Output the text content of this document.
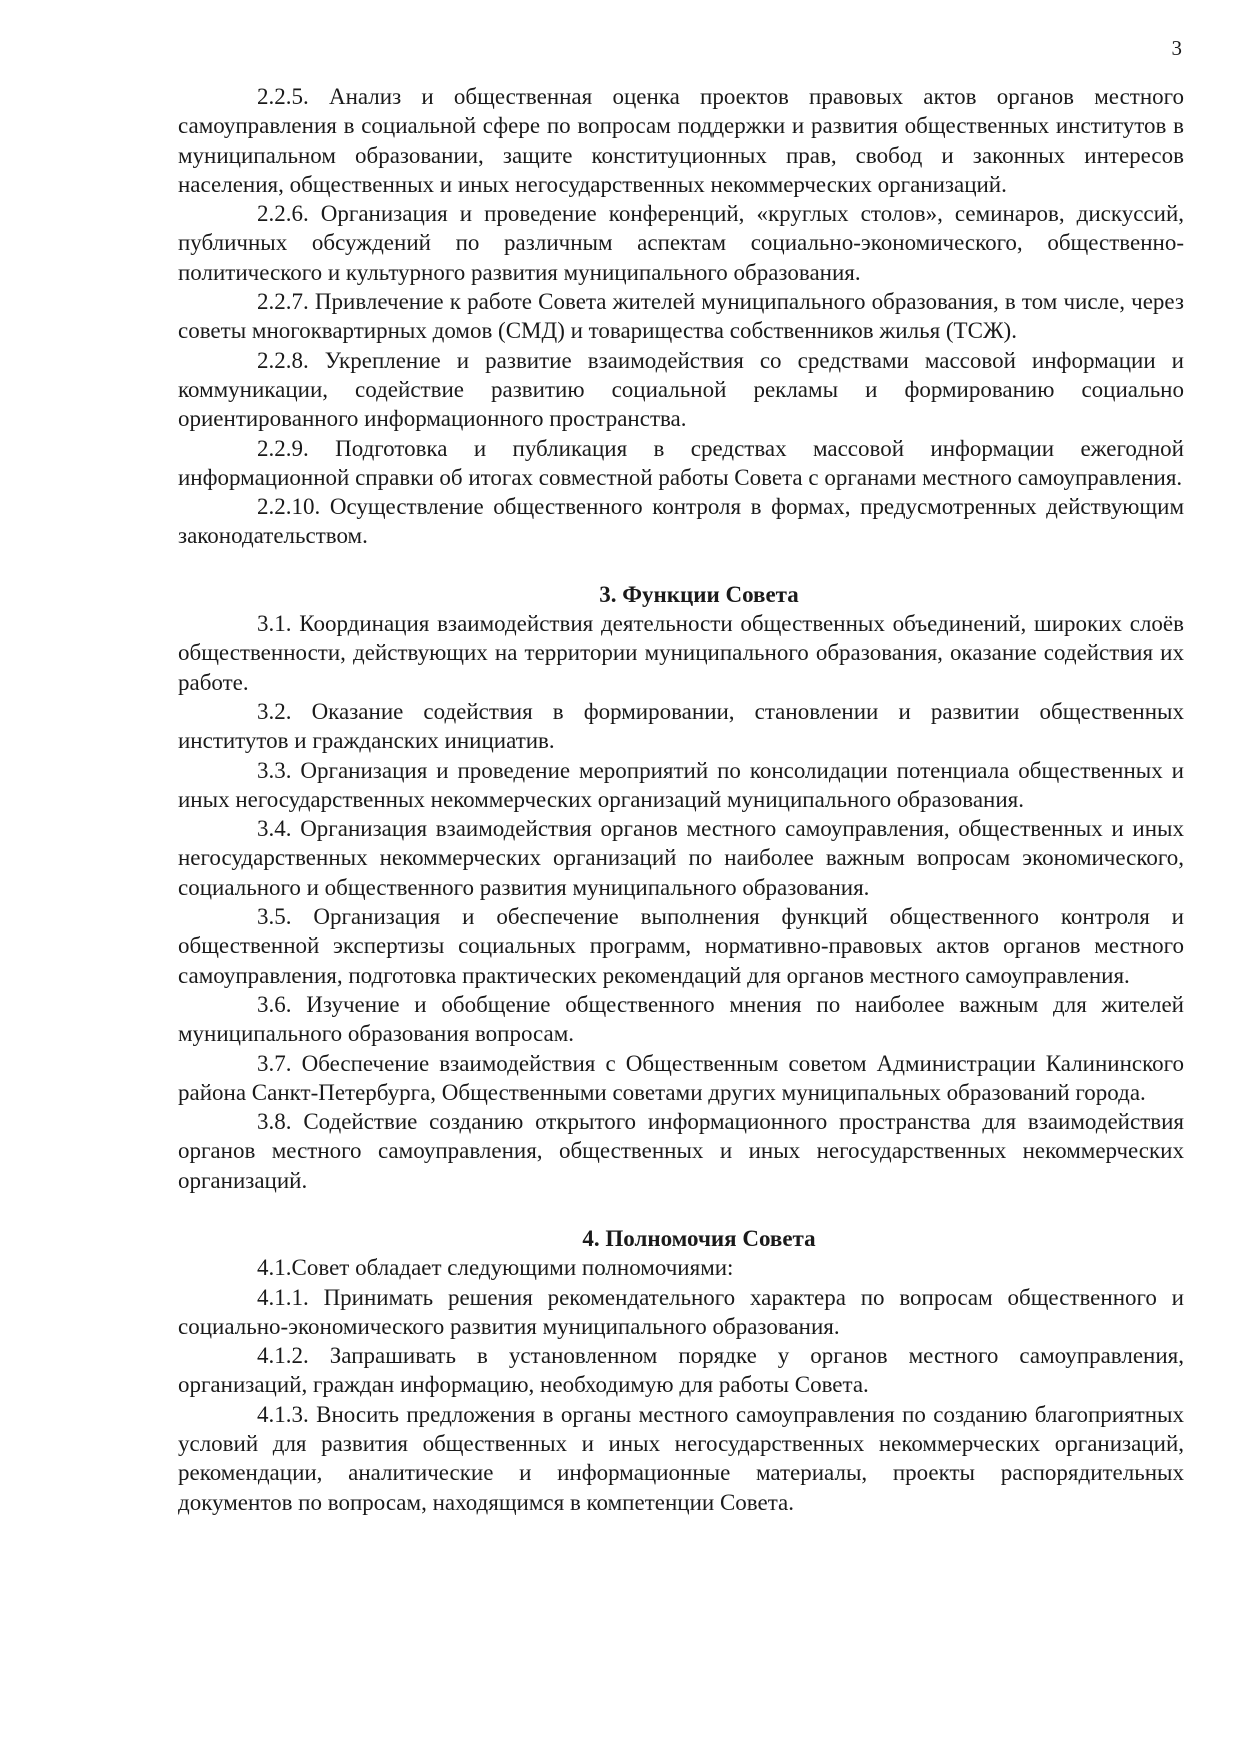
3

2.2.5. Анализ и общественная оценка проектов правовых актов органов местного самоуправления в социальной сфере по вопросам поддержки и развития общественных институтов в муниципальном образовании, защите конституционных прав, свобод и законных интересов населения, общественных и иных негосударственных некоммерческих организаций.

2.2.6. Организация и проведение конференций, «круглых столов», семинаров, дискуссий, публичных обсуждений по различным аспектам социально-экономического, общественно-политического и культурного развития муниципального образования.

2.2.7. Привлечение к работе Совета жителей муниципального образования, в том числе, через советы многоквартирных домов (СМД) и товарищества собственников жилья (ТСЖ).

2.2.8. Укрепление и развитие взаимодействия со средствами массовой информации и коммуникации, содействие развитию социальной рекламы и формированию социально ориентированного информационного пространства.

2.2.9. Подготовка и публикация в средствах массовой информации ежегодной информационной справки об итогах совместной работы Совета с органами местного самоуправления.

2.2.10. Осуществление общественного контроля в формах, предусмотренных действующим законодательством.

3. Функции Совета

3.1. Координация взаимодействия деятельности общественных объединений, широких слоёв общественности, действующих на территории муниципального образования, оказание содействия их работе.

3.2. Оказание содействия в формировании, становлении и развитии общественных институтов и гражданских инициатив.

3.3. Организация и проведение мероприятий по консолидации потенциала общественных и иных негосударственных некоммерческих организаций муниципального образования.

3.4. Организация взаимодействия органов местного самоуправления, общественных и иных негосударственных некоммерческих организаций по наиболее важным вопросам экономического, социального и общественного развития муниципального образования.

3.5. Организация и обеспечение выполнения функций общественного контроля и общественной экспертизы социальных программ, нормативно-правовых актов органов местного самоуправления, подготовка практических рекомендаций для органов местного самоуправления.

3.6. Изучение и обобщение общественного мнения по наиболее важным для жителей муниципального образования вопросам.

3.7. Обеспечение взаимодействия с Общественным советом Администрации Калининского района Санкт-Петербурга, Общественными советами других муниципальных образований города.

3.8. Содействие созданию открытого информационного пространства для взаимодействия органов местного самоуправления, общественных и иных негосударственных некоммерческих организаций.

4. Полномочия Совета

4.1.Совет обладает следующими полномочиями:

4.1.1. Принимать решения рекомендательного характера по вопросам общественного и социально-экономического развития муниципального образования.

4.1.2. Запрашивать в установленном порядке у органов местного самоуправления, организаций, граждан информацию, необходимую для работы Совета.

4.1.3. Вносить предложения в органы местного самоуправления по созданию благоприятных условий для развития общественных и иных негосударственных некоммерческих организаций, рекомендации, аналитические и информационные материалы, проекты распорядительных документов по вопросам, находящимся в компетенции Совета.
